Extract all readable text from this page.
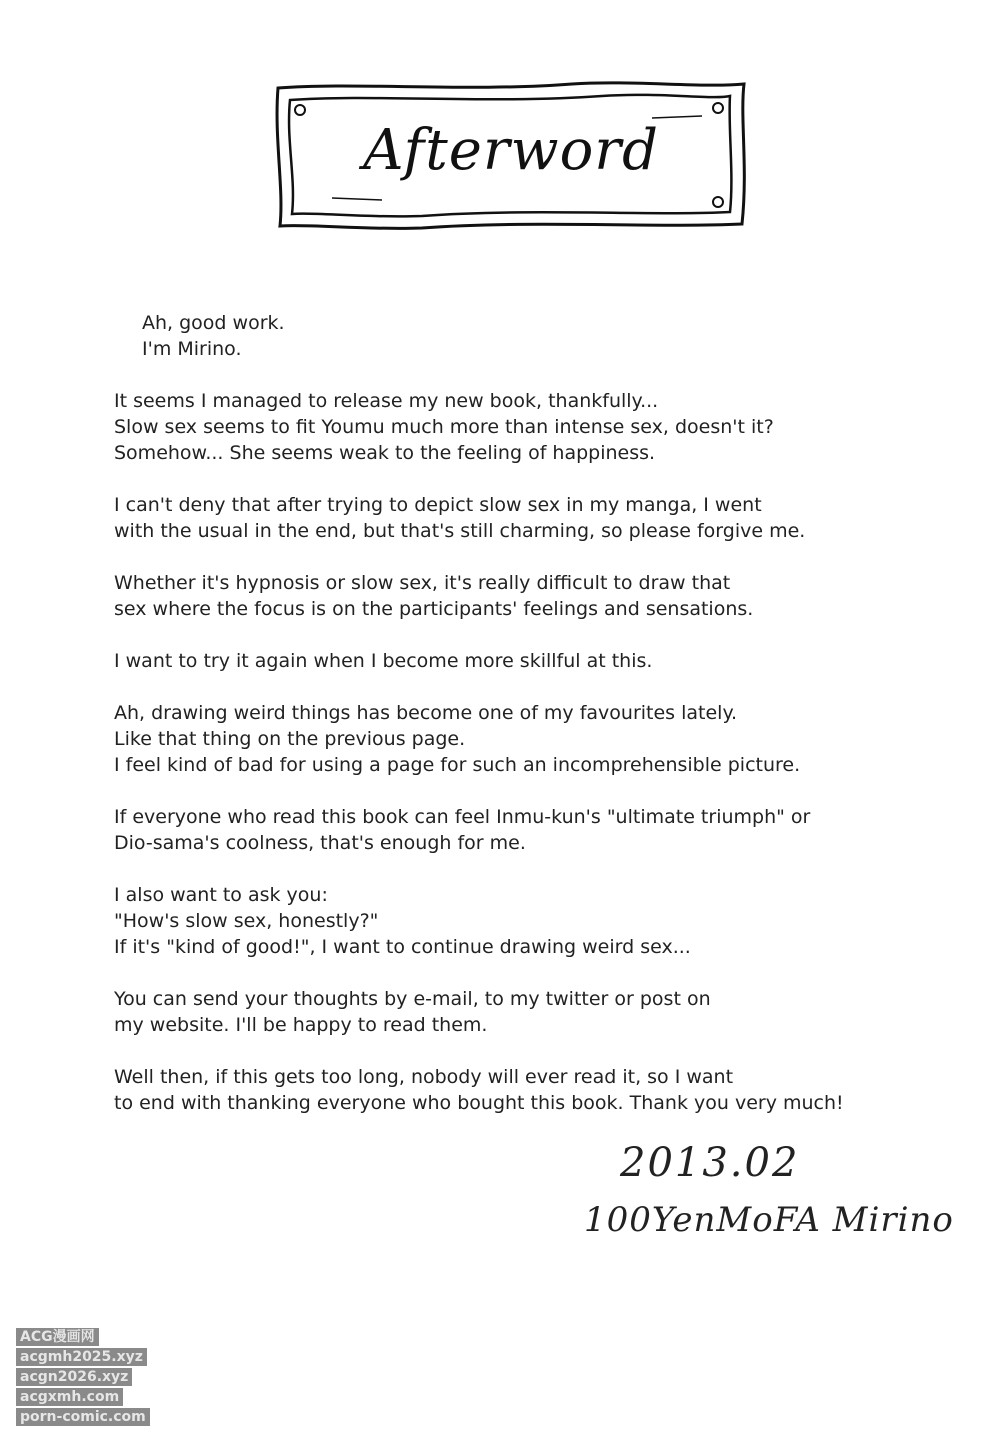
Afterword
Ah, good work.
I'm Mirino.
It seems I managed to release my new book, thankfully...
Slow sex seems to fit Youmu much more than intense sex, doesn't it?
Somehow... She seems weak to the feeling of happiness.
I can't deny that after trying to depict slow sex in my manga, I went
with the usual in the end, but that's still charming, so please forgive me.
Whether it's hypnosis or slow sex, it's really difficult to draw that
sex where the focus is on the participants' feelings and sensations.
I want to try it again when I become more skillful at this.
Ah, drawing weird things has become one of my favourites lately.
Like that thing on the previous page.
I feel kind of bad for using a page for such an incomprehensible picture.
If everyone who read this book can feel Inmu-kun's "ultimate triumph" or
Dio-sama's coolness, that's enough for me.
I also want to ask you:
"How's slow sex, honestly?"
If it's "kind of good!", I want to continue drawing weird sex...
You can send your thoughts by e-mail, to my twitter or post on
my website. I'll be happy to read them.
Well then, if this gets too long, nobody will ever read it, so I want
to end with thanking everyone who bought this book. Thank you very much!
2013.02
100YenMoFA Mirino
ACG漫画网
acgmh2025.xyz
acgn2026.xyz
acgxmh.com
porn-comic.com
